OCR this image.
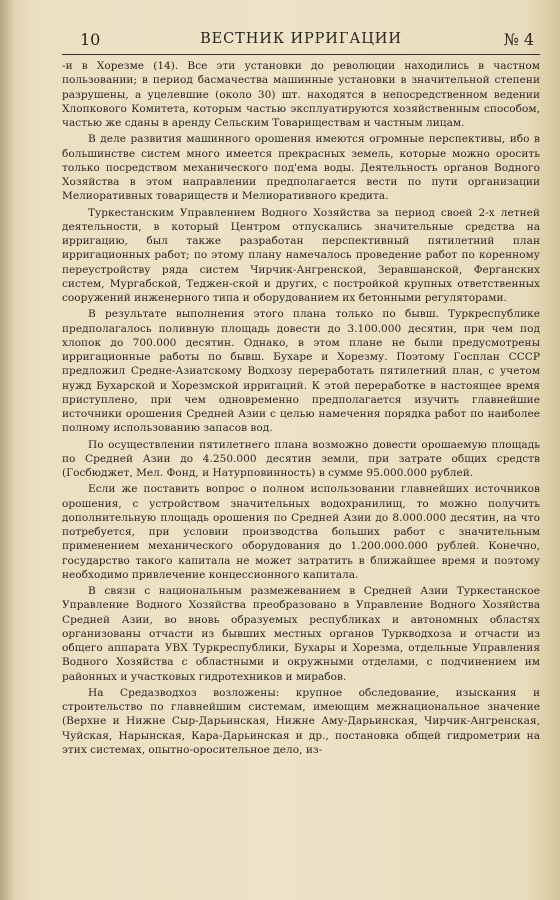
10	ВЕСТНИК ИРРИГАЦИИ	№ 4

-и в Хорезме (14). Все эти установки до революции находились в частном пользовании; в период басмачества машинные установки в значительной степени разрушены, а уцелевшие (около 30) шт. находятся в непосредственном ведении Хлопкового Комитета, которым частью эксплуатируются хозяйственным способом, частью же сданы в аренду Сельским Товариществам и частным лицам.

В деле развития машинного орошения имеются огромные перспективы, ибо в большинстве систем много имеется прекрасных земель, которые можно оросить только посредством механического под'ема воды. Деятельность органов Водного Хозяйства в этом направлении предполагается вести по пути организации Мелиоративных товариществ и Мелиоративного кредита.

Туркестанским Управлением Водного Хозяйства за период своей 2-х летней деятельности, в который Центром отпускались значительные средства на ирригацию, был также разработан перспективный пятилетний план ирригационных работ; по этому плану намечалось проведение работ по коренному переустройству ряда систем Чирчик-Ангренской, Зеравшанской, Ферганских систем, Мургабской, Теджен-ской и других, с постройкой крупных ответственных сооружений инженерного типа и оборудованием их бетонными регуляторами.

В результате выполнения этого плана только по бывш. Туркреспублике предполагалось поливную площадь довести до 3.100.000 десятин, при чем под хлопок до 700.000 десятин. Однако, в этом плане не были предусмотрены ирригационные работы по бывш. Бухаре и Хорезму. Поэтому Госплан СССР предложил Средне-Азиатскому Водхозу переработать пятилетний план, с учетом нужд Бухарской и Хорезмской ирригаций. К этой переработке в настоящее время приступлено, при чем одновременно предполагается изучить главнейшие источники орошения Средней Азии с целью намечения порядка работ по наиболее полному использованию запасов вод.

По осуществлении пятилетнего плана возможно довести орошаемую площадь по Средней Азии до 4.250.000 десятин земли, при затрате общих средств (Госбюджет, Мел. Фонд, и Натурповинность) в сумме 95.000.000 рублей.

Если же поставить вопрос о полном использовании главнейших источников орошения, с устройством значительных водохранилищ, то можно получить дополнительную площадь орошения по Средней Азии до 8.000.000 десятин, на что потребуется, при условии производства больших работ с значительным применением механического оборудования до 1.200.000.000 рублей. Конечно, государство такого капитала не может затратить в ближайшее время и поэтому необходимо привлечение концессионного капитала.

В связи с национальным размежеванием в Средней Азии Туркестанское Управление Водного Хозяйства преобразовано в Управление Водного Хозяйства Средней Азии, во вновь образуемых республиках и автономных областях организованы отчасти из бывших местных органов Туркводхоза и отчасти из общего аппарата УВХ Туркреспублики, Бухары и Хорезма, отдельные Управления Водного Хозяйства с областными и окружными отделами, с подчинением им районных и участковых гидротехников и мирабов.

На Средазводхоз возложены: крупное обследование, изыскания и строительство по главнейшим системам, имеющим межнациональное значение (Верхне и Нижне Сыр-Дарьинская, Нижне Аму-Дарьинская, Чирчик-Ангренская, Чуйская, Нарынская, Кара-Дарьинская и др., постановка общей гидрометрии на этих системах, опытно-оросительное дело, из-
